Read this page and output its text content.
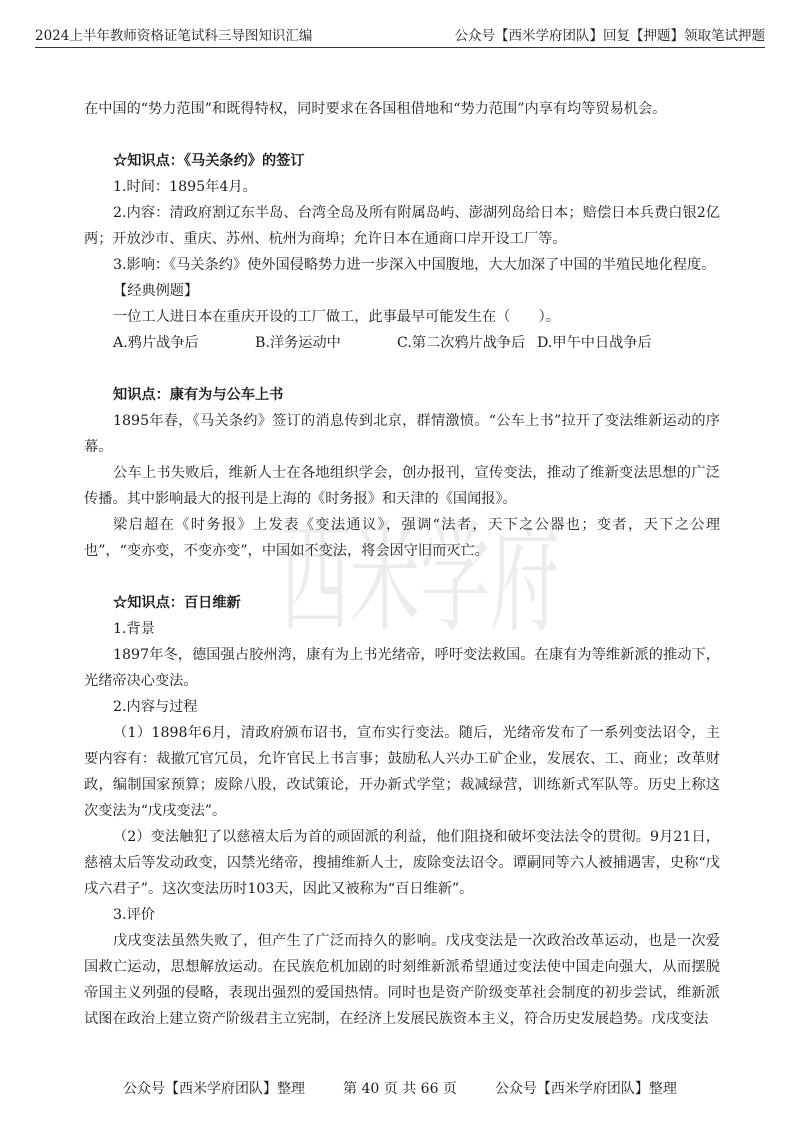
2024上半年教师资格证笔试科三导图知识汇编	公众号【西米学府团队】回复【押题】领取笔试押题
西米学府

在中国的“势力范围”和既得特权，同时要求在各国租借地和“势力范围”内享有均等贸易机会。

☆知识点：《马关条约》的签订

1.时间：1895年4月。

2.内容：清政府割辽东半岛、台湾全岛及所有附属岛屿、澎湖列岛给日本；赔偿日本兵费白银2亿两；开放沙市、重庆、苏州、杭州为商埠；允许日本在通商口岸开设工厂等。

3.影响：《马关条约》使外国侵略势力进一步深入中国腹地，大大加深了中国的半殖民地化程度。

【经典例题】

一位工人进日本在重庆开设的工厂做工，此事最早可能发生在（　　）。

A.鸦片战争后	B.洋务运动中	C.第二次鸦片战争后 D.甲午中日战争后

知识点：康有为与公车上书

1895年春，《马关条约》签订的消息传到北京，群情激愤。“公车上书”拉开了变法维新运动的序幕。

公车上书失败后，维新人士在各地组织学会，创办报刊，宣传变法，推动了维新变法思想的广泛传播。其中影响最大的报刊是上海的《时务报》和天津的《国闻报》。

梁启超在《时务报》上发表《变法通议》，强调“法者，天下之公器也；变者，天下之公理也”，“变亦变，不变亦变”，中国如不变法，将会因守旧而灭亡。

☆知识点：百日维新

1.背景

1897年冬，德国强占胶州湾，康有为上书光绪帝，呼吁变法救国。在康有为等维新派的推动下，光绪帝决心变法。

2.内容与过程

（1）1898年6月，清政府颁布诏书，宣布实行变法。随后，光绪帝发布了一系列变法诏令，主要内容有：裁撤冗官冗员，允许官民上书言事；鼓励私人兴办工矿企业，发展农、工、商业；改革财政，编制国家预算；废除八股，改试策论，开办新式学堂；裁减绿营，训练新式军队等。历史上称这次变法为“戊戌变法”。

（2）变法触犯了以慈禧太后为首的顽固派的利益，他们阻挠和破坏变法法令的贯彻。9月21日，慈禧太后等发动政变，囚禁光绪帝，搜捕维新人士，废除变法诏令。谭嗣同等六人被捕遇害，史称“戊戌六君子”。这次变法历时103天，因此又被称为“百日维新”。

3.评价

戊戌变法虽然失败了，但产生了广泛而持久的影响。戊戌变法是一次政治改革运动，也是一次爱国救亡运动，思想解放运动。在民族危机加剧的时刻维新派希望通过变法使中国走向强大，从而摆脱帝国主义列强的侵略，表现出强烈的爱国热情。同时也是资产阶级变革社会制度的初步尝试，维新派试图在政治上建立资产阶级君主立宪制，在经济上发展民族资本主义，符合历史发展趋势。戊戌变法

公众号【西米学府团队】整理	第 40 页 共 66 页	公众号【西米学府团队】整理
